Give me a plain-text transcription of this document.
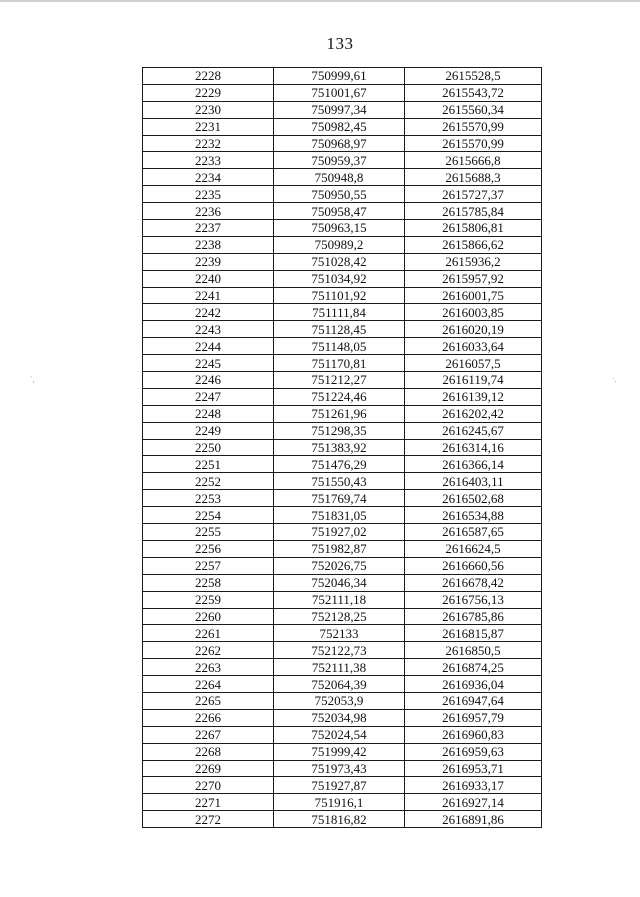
133
2228	750999,61	2615528,5
2229	751001,67	2615543,72
2230	750997,34	2615560,34
2231	750982,45	2615570,99
2232	750968,97	2615570,99
2233	750959,37	2615666,8
2234	750948,8	2615688,3
2235	750950,55	2615727,37
2236	750958,47	2615785,84
2237	750963,15	2615806,81
2238	750989,2	2615866,62
2239	751028,42	2615936,2
2240	751034,92	2615957,92
2241	751101,92	2616001,75
2242	751111,84	2616003,85
2243	751128,45	2616020,19
2244	751148,05	2616033,64
2245	751170,81	2616057,5
2246	751212,27	2616119,74
2247	751224,46	2616139,12
2248	751261,96	2616202,42
2249	751298,35	2616245,67
2250	751383,92	2616314,16
2251	751476,29	2616366,14
2252	751550,43	2616403,11
2253	751769,74	2616502,68
2254	751831,05	2616534,88
2255	751927,02	2616587,65
2256	751982,87	2616624,5
2257	752026,75	2616660,56
2258	752046,34	2616678,42
2259	752111,18	2616756,13
2260	752128,25	2616785,86
2261	752133	2616815,87
2262	752122,73	2616850,5
2263	752111,38	2616874,25
2264	752064,39	2616936,04
2265	752053,9	2616947,64
2266	752034,98	2616957,79
2267	752024,54	2616960,83
2268	751999,42	2616959,63
2269	751973,43	2616953,71
2270	751927,87	2616933,17
2271	751916,1	2616927,14
2272	751816,82	2616891,86
`,	·.
